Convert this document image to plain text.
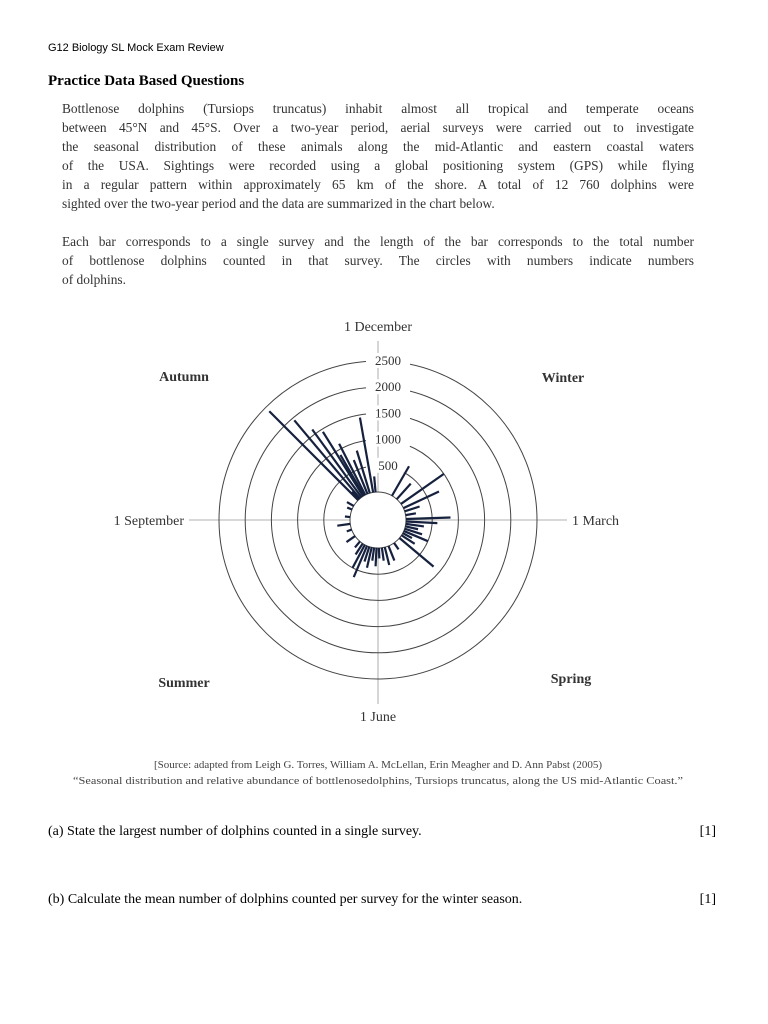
G12 Biology SL Mock Exam Review
Practice Data Based Questions
Bottlenose dolphins (Tursiops truncatus) inhabit almost all tropical and temperate oceans
between 45°N and 45°S. Over a two-year period, aerial surveys were carried out to investigate
the seasonal distribution of these animals along the mid-Atlantic and eastern coastal waters
of the USA. Sightings were recorded using a global positioning system (GPS) while flying
in a regular pattern within approximately 65 km of the shore. A total of 12 760 dolphins were
sighted over the two-year period and the data are summarized in the chart below.
Each bar corresponds to a single survey and the length of the bar corresponds to the total number
of bottlenose dolphins counted in that survey. The circles with numbers indicate numbers
of dolphins.
500
1000
1500
2000
2500
1 December
1 March
1 June
1 September
Autumn	Winter
Summer	Spring
[Source: adapted from Leigh G. Torres, William A. McLellan, Erin Meagher and D. Ann Pabst (2005)
“Seasonal distribution and relative abundance of bottlenosedolphins, Tursiops truncatus, along the US mid-Atlantic Coast.”
(a) State the largest number of dolphins counted in a single survey.	[1]
(b) Calculate the mean number of dolphins counted per survey for the winter season.	[1]
